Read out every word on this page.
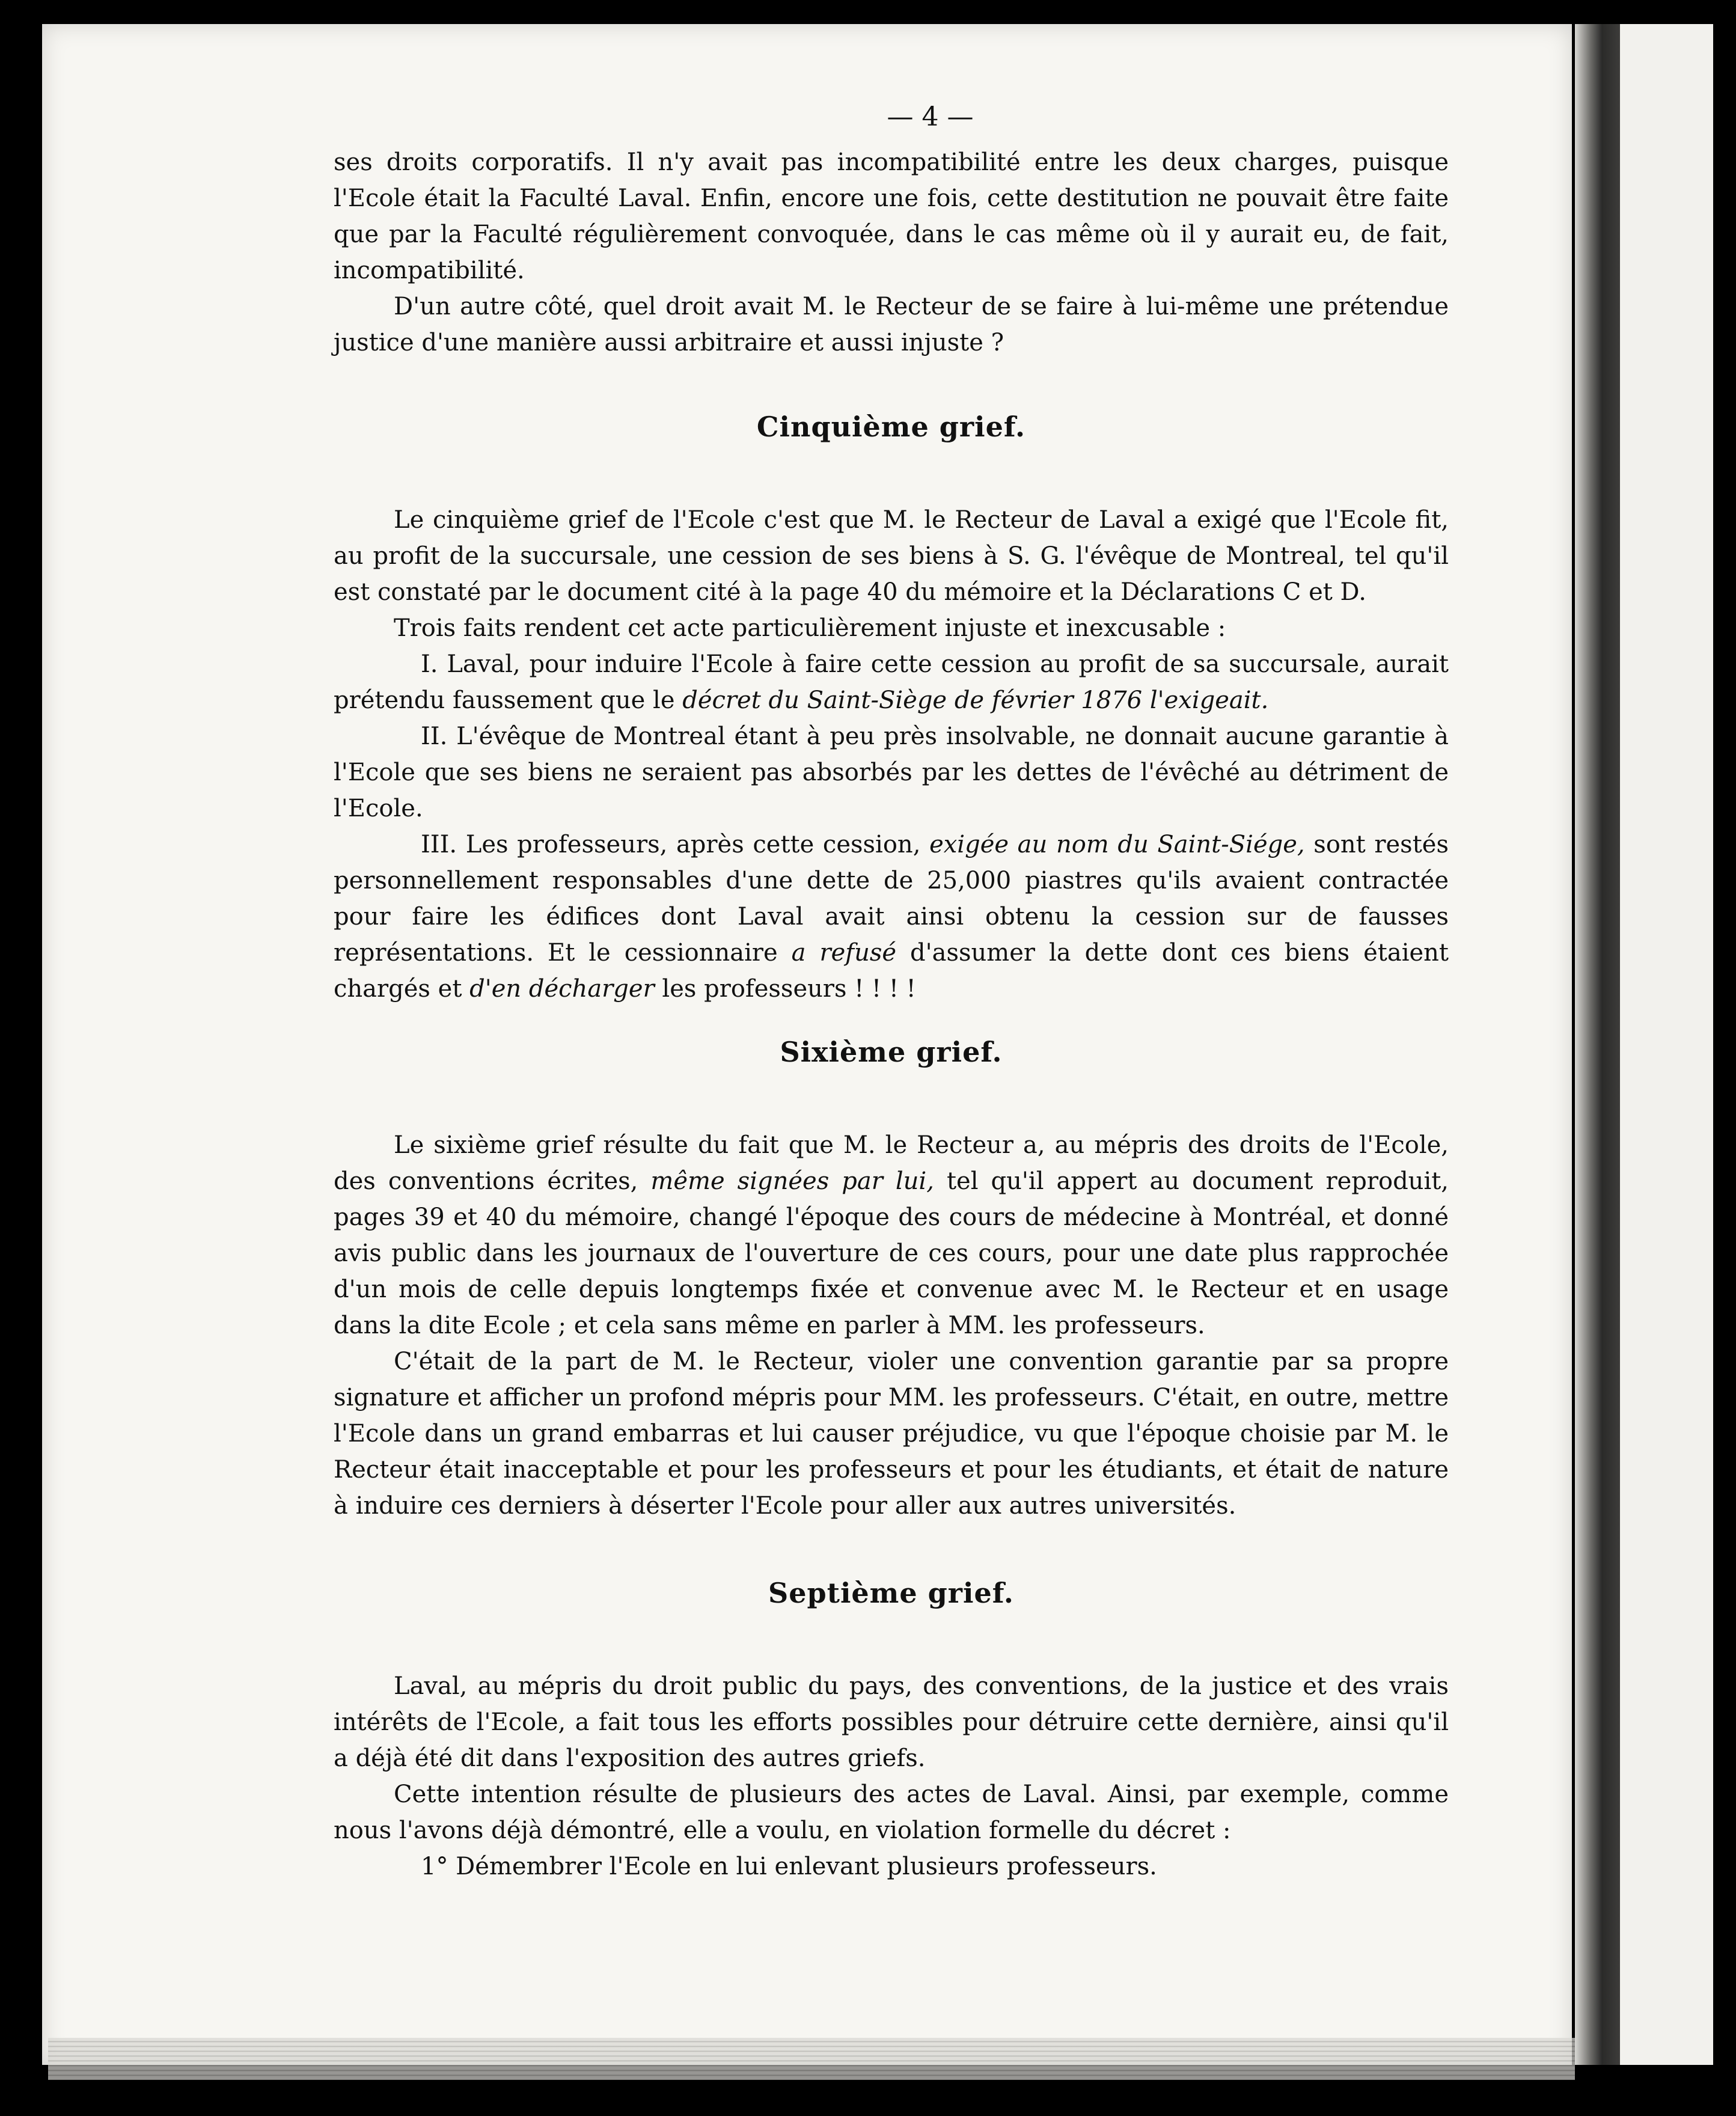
— 4 —

ses droits corporatifs. Il n'y avait pas incompatibilité entre les deux charges, puisque l'Ecole était la Faculté Laval. Enfin, encore une fois, cette destitution ne pouvait être faite que par la Faculté régulièrement convoquée, dans le cas même où il y aurait eu, de fait, incompatibilité.

D'un autre côté, quel droit avait M. le Recteur de se faire à lui-même une prétendue justice d'une manière aussi arbitraire et aussi injuste ?

Cinquième grief.

Le cinquième grief de l'Ecole c'est que M. le Recteur de Laval a exigé que l'Ecole fit, au profit de la succursale, une cession de ses biens à S. G. l'évêque de Montreal, tel qu'il est constaté par le document cité à la page 40 du mémoire et la Déclarations C et D.

Trois faits rendent cet acte particulièrement injuste et inexcusable :

I. Laval, pour induire l'Ecole à faire cette cession au profit de sa succursale, aurait prétendu faussement que le décret du Saint-Siège de février 1876 l'exigeait.

II. L'évêque de Montreal étant à peu près insolvable, ne donnait aucune garantie à l'Ecole que ses biens ne seraient pas absorbés par les dettes de l'évêché au détriment de l'Ecole.

III. Les professeurs, après cette cession, exigée au nom du Saint-Siége, sont restés personnellement responsables d'une dette de 25,000 piastres qu'ils avaient contractée pour faire les édifices dont Laval avait ainsi obtenu la cession sur de fausses représentations. Et le cessionnaire a refusé d'assumer la dette dont ces biens étaient chargés et d'en décharger les professeurs ! ! ! !

Sixième grief.

Le sixième grief résulte du fait que M. le Recteur a, au mépris des droits de l'Ecole, des conventions écrites, même signées par lui, tel qu'il appert au document reproduit, pages 39 et 40 du mémoire, changé l'époque des cours de médecine à Montréal, et donné avis public dans les journaux de l'ouverture de ces cours, pour une date plus rapprochée d'un mois de celle depuis longtemps fixée et convenue avec M. le Recteur et en usage dans la dite Ecole ; et cela sans même en parler à MM. les professeurs.

C'était de la part de M. le Recteur, violer une convention garantie par sa propre signature et afficher un profond mépris pour MM. les professeurs. C'était, en outre, mettre l'Ecole dans un grand embarras et lui causer préjudice, vu que l'époque choisie par M. le Recteur était inacceptable et pour les professeurs et pour les étudiants, et était de nature à induire ces derniers à déserter l'Ecole pour aller aux autres universités.

Septième grief.

Laval, au mépris du droit public du pays, des conventions, de la justice et des vrais intérêts de l'Ecole, a fait tous les efforts possibles pour détruire cette dernière, ainsi qu'il a déjà été dit dans l'exposition des autres griefs.

Cette intention résulte de plusieurs des actes de Laval. Ainsi, par exemple, comme nous l'avons déjà démontré, elle a voulu, en violation formelle du décret :

1° Démembrer l'Ecole en lui enlevant plusieurs professeurs.
